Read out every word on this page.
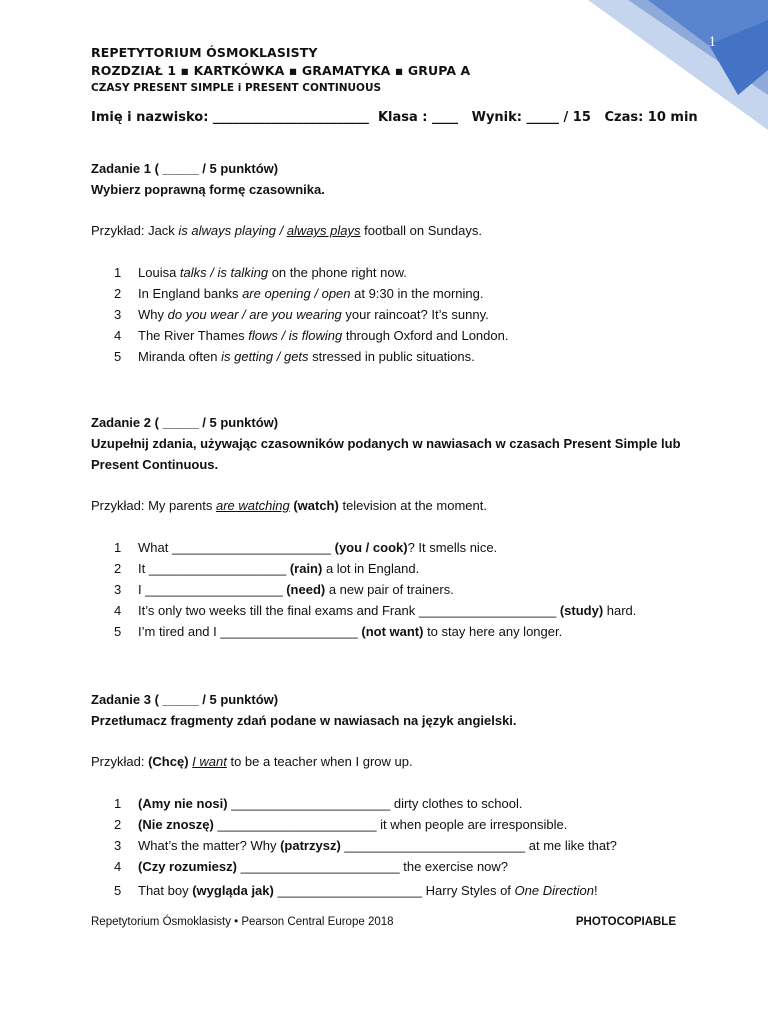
1
REPETYTORIUM ÓSMOKLASISTY
ROZDZIAŁ 1 ▪ KARTKÓWKA ▪ GRAMATYKA ▪ GRUPA A
CZASY PRESENT SIMPLE i PRESENT CONTINUOUS
Imię i nazwisko: ________________________  Klasa : ____   Wynik: _____ / 15   Czas: 10 min
Zadanie 1 ( _____ / 5 punktów)
Wybierz poprawną formę czasownika.
Przykład: Jack is always playing / always plays football on Sundays.
1 Louisa talks / is talking on the phone right now.
2 In England banks are opening / open at 9:30 in the morning.
3 Why do you wear / are you wearing your raincoat? It’s sunny.
4 The River Thames flows / is flowing through Oxford and London.
5 Miranda often is getting / gets stressed in public situations.
Zadanie 2 ( _____ / 5 punktów)
Uzupełnij zdania, używając czasowników podanych w nawiasach w czasach Present Simple lub
Present Continuous.
Przykład: My parents are watching (watch) television at the moment.
1 What ______________________ (you / cook)? It smells nice.
2 It ___________________ (rain) a lot in England.
3 I ___________________ (need) a new pair of trainers.
4 It’s only two weeks till the final exams and Frank ___________________ (study) hard.
5 I’m tired and I ___________________ (not want) to stay here any longer.
Zadanie 3 ( _____ / 5 punktów)
Przetłumacz fragmenty zdań podane w nawiasach na język angielski.
Przykład: (Chcę) I want to be a teacher when I grow up.
1 (Amy nie nosi) ______________________ dirty clothes to school.
2 (Nie znoszę) ______________________ it when people are irresponsible.
3 What’s the matter? Why (patrzysz) _________________________ at me like that?
4 (Czy rozumiesz) ______________________ the exercise now?
5 That boy (wygląda jak) ____________________ Harry Styles of One Direction!
Repetytorium Ósmoklasisty • Pearson Central Europe 2018	PHOTOCOPIABLE
